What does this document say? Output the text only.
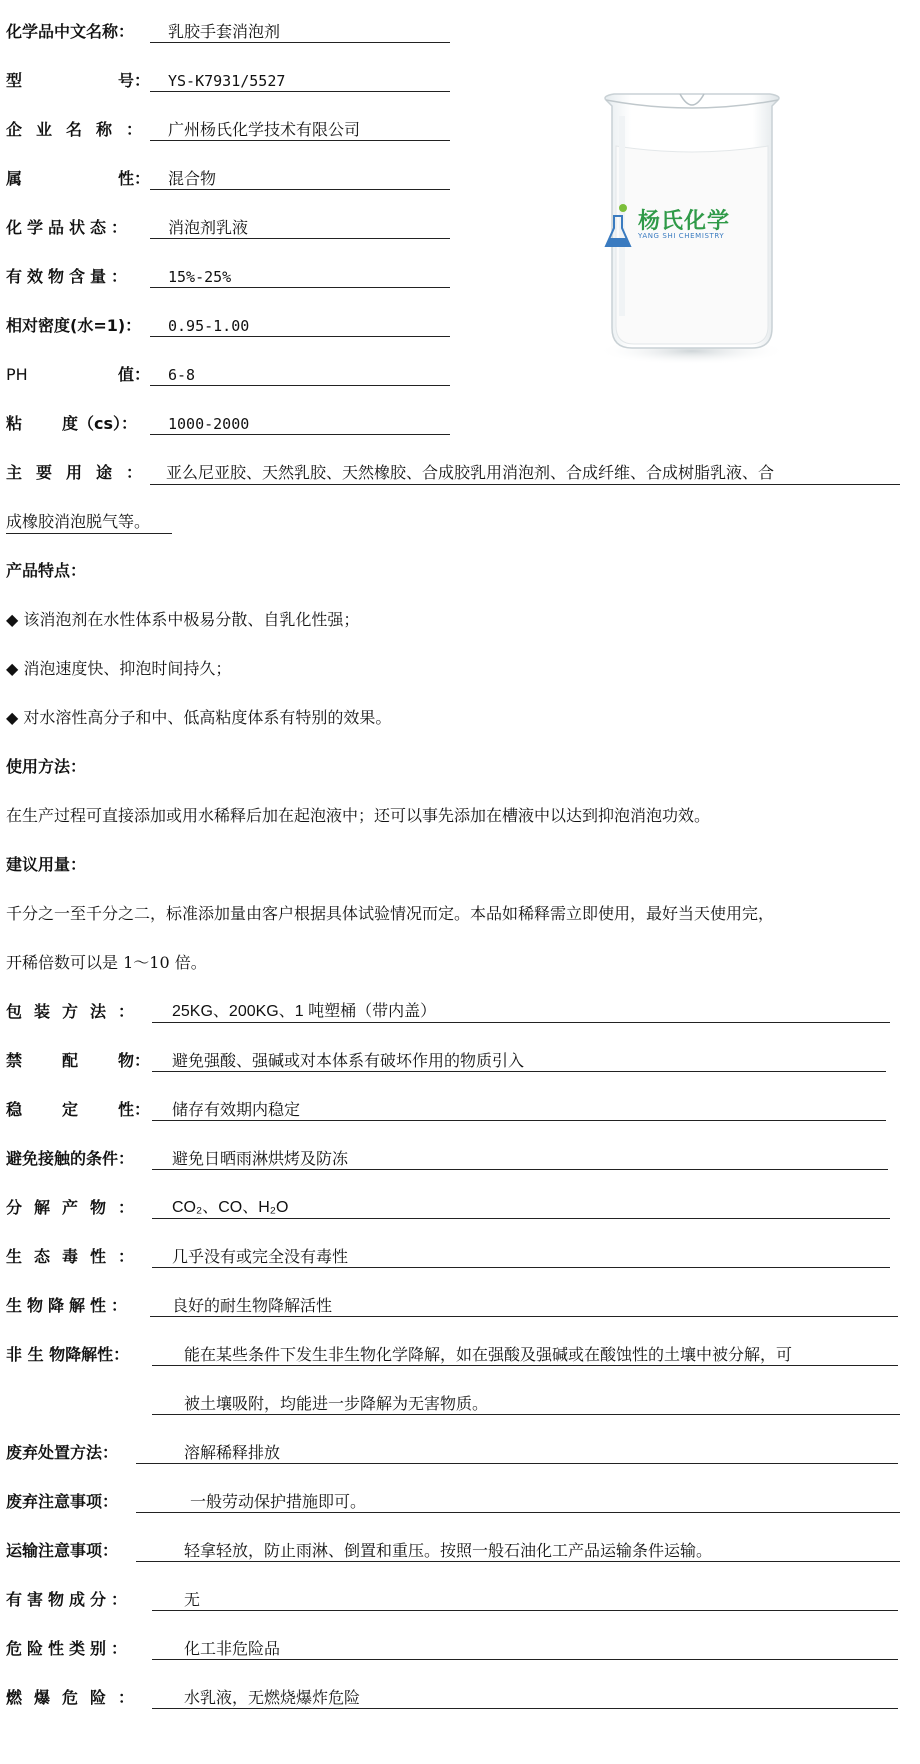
化学品中文名称： 乳胶手套消泡剂
型	号： YS-K7931/5527
企业名称： 广州杨氏化学技术有限公司
属	性： 混合物
化学品状态： 消泡剂乳液
有效物含量： 15%-25%
相对密度(水=1)： 0.95-1.00
PH	值： 6-8
粘 度（cs）： 1000-2000
杨氏化学
YANG SHI CHEMISTRY
主要用途： 亚么尼亚胶、天然乳胶、天然橡胶、合成胶乳用消泡剂、合成纤维、合成树脂乳液、合
成橡胶消泡脱气等。
产品特点：
◆ 该消泡剂在水性体系中极易分散、自乳化性强；
◆ 消泡速度快、抑泡时间持久；
◆ 对水溶性高分子和中、低高粘度体系有特别的效果。
使用方法：
在生产过程可直接添加或用水稀释后加在起泡液中；还可以事先添加在槽液中以达到抑泡消泡功效。
建议用量：
千分之一至千分之二，标准添加量由客户根据具体试验情况而定。本品如稀释需立即使用，最好当天使用完，
开稀倍数可以是 1～10 倍。
包装方法： 25KG、200KG、1 吨塑桶（带内盖）
禁 配 物： 避免强酸、强碱或对本体系有破坏作用的物质引入
稳 定 性： 储存有效期内稳定
避免接触的条件： 避免日晒雨淋烘烤及防冻
分解产物： CO₂、CO、H₂O
生态毒性： 几乎没有或完全没有毒性
生物降解性： 良好的耐生物降解活性
非 生 物降解性：	能在某些条件下发生非生物化学降解，如在强酸及强碱或在酸蚀性的土壤中被分解，可
被土壤吸附，均能进一步降解为无害物质。
废弃处置方法：	溶解稀释排放
废弃注意事项：	一般劳动保护措施即可。
运输注意事项：	轻拿轻放，防止雨淋、倒置和重压。按照一般石油化工产品运输条件运输。
有害物成分：	无
危险性类别：	化工非危险品
燃爆危险： 水乳液，无燃烧爆炸危险
